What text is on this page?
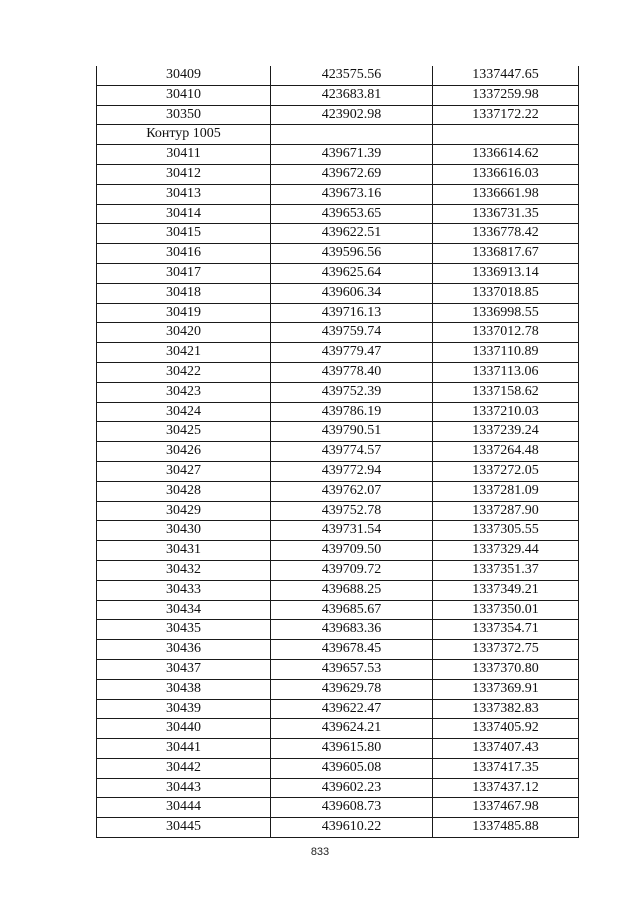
30409	423575.56	1337447.65
30410	423683.81	1337259.98
30350	423902.98	1337172.22
Контур 1005		
30411	439671.39	1336614.62
30412	439672.69	1336616.03
30413	439673.16	1336661.98
30414	439653.65	1336731.35
30415	439622.51	1336778.42
30416	439596.56	1336817.67
30417	439625.64	1336913.14
30418	439606.34	1337018.85
30419	439716.13	1336998.55
30420	439759.74	1337012.78
30421	439779.47	1337110.89
30422	439778.40	1337113.06
30423	439752.39	1337158.62
30424	439786.19	1337210.03
30425	439790.51	1337239.24
30426	439774.57	1337264.48
30427	439772.94	1337272.05
30428	439762.07	1337281.09
30429	439752.78	1337287.90
30430	439731.54	1337305.55
30431	439709.50	1337329.44
30432	439709.72	1337351.37
30433	439688.25	1337349.21
30434	439685.67	1337350.01
30435	439683.36	1337354.71
30436	439678.45	1337372.75
30437	439657.53	1337370.80
30438	439629.78	1337369.91
30439	439622.47	1337382.83
30440	439624.21	1337405.92
30441	439615.80	1337407.43
30442	439605.08	1337417.35
30443	439602.23	1337437.12
30444	439608.73	1337467.98
30445	439610.22	1337485.88
833
